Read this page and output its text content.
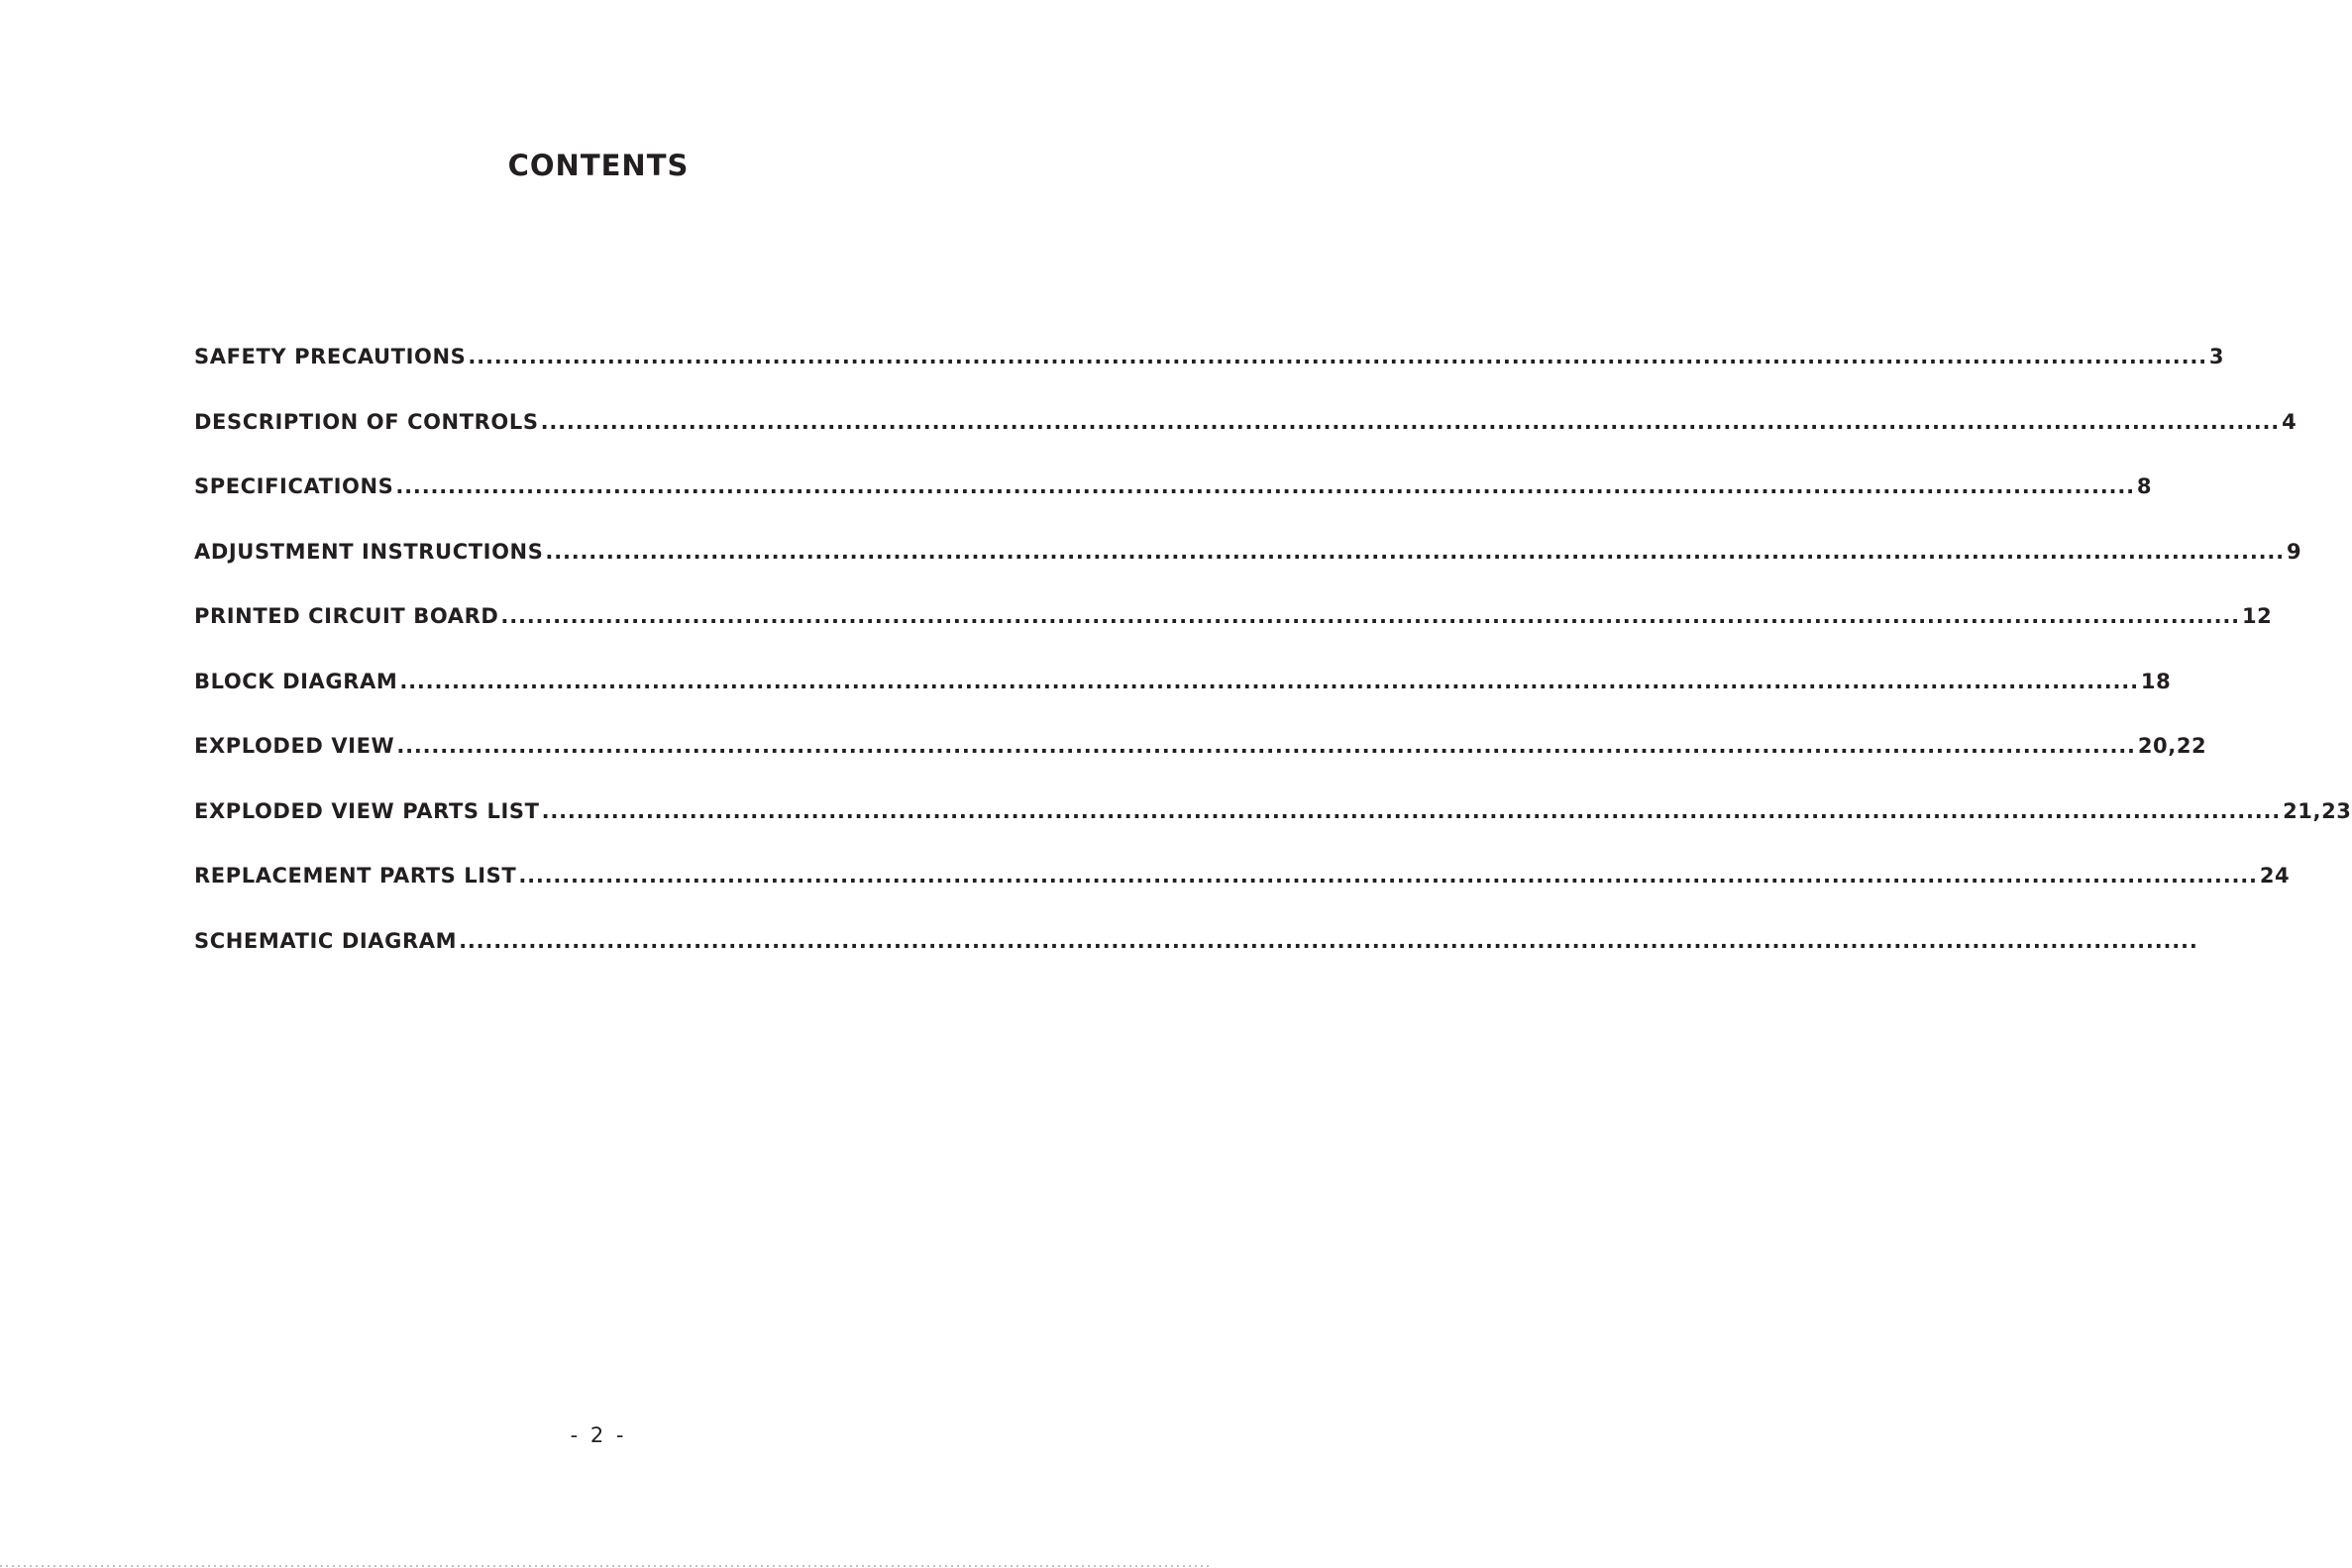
CONTENTS
SAFETY PRECAUTIONS ........................................................................................................................................................................................................ 3
DESCRIPTION OF CONTROLS ........................................................................................................................................................................................................ 4
SPECIFICATIONS ........................................................................................................................................................................................................ 8
ADJUSTMENT INSTRUCTIONS ........................................................................................................................................................................................................ 9
PRINTED CIRCUIT BOARD ........................................................................................................................................................................................................ 12
BLOCK DIAGRAM ........................................................................................................................................................................................................ 18
EXPLODED VIEW ........................................................................................................................................................................................................ 20,22
EXPLODED VIEW PARTS LIST ........................................................................................................................................................................................................ 21,23
REPLACEMENT PARTS LIST ........................................................................................................................................................................................................ 24
SCHEMATIC DIAGRAM ........................................................................................................................................................................................................
- 2 -
